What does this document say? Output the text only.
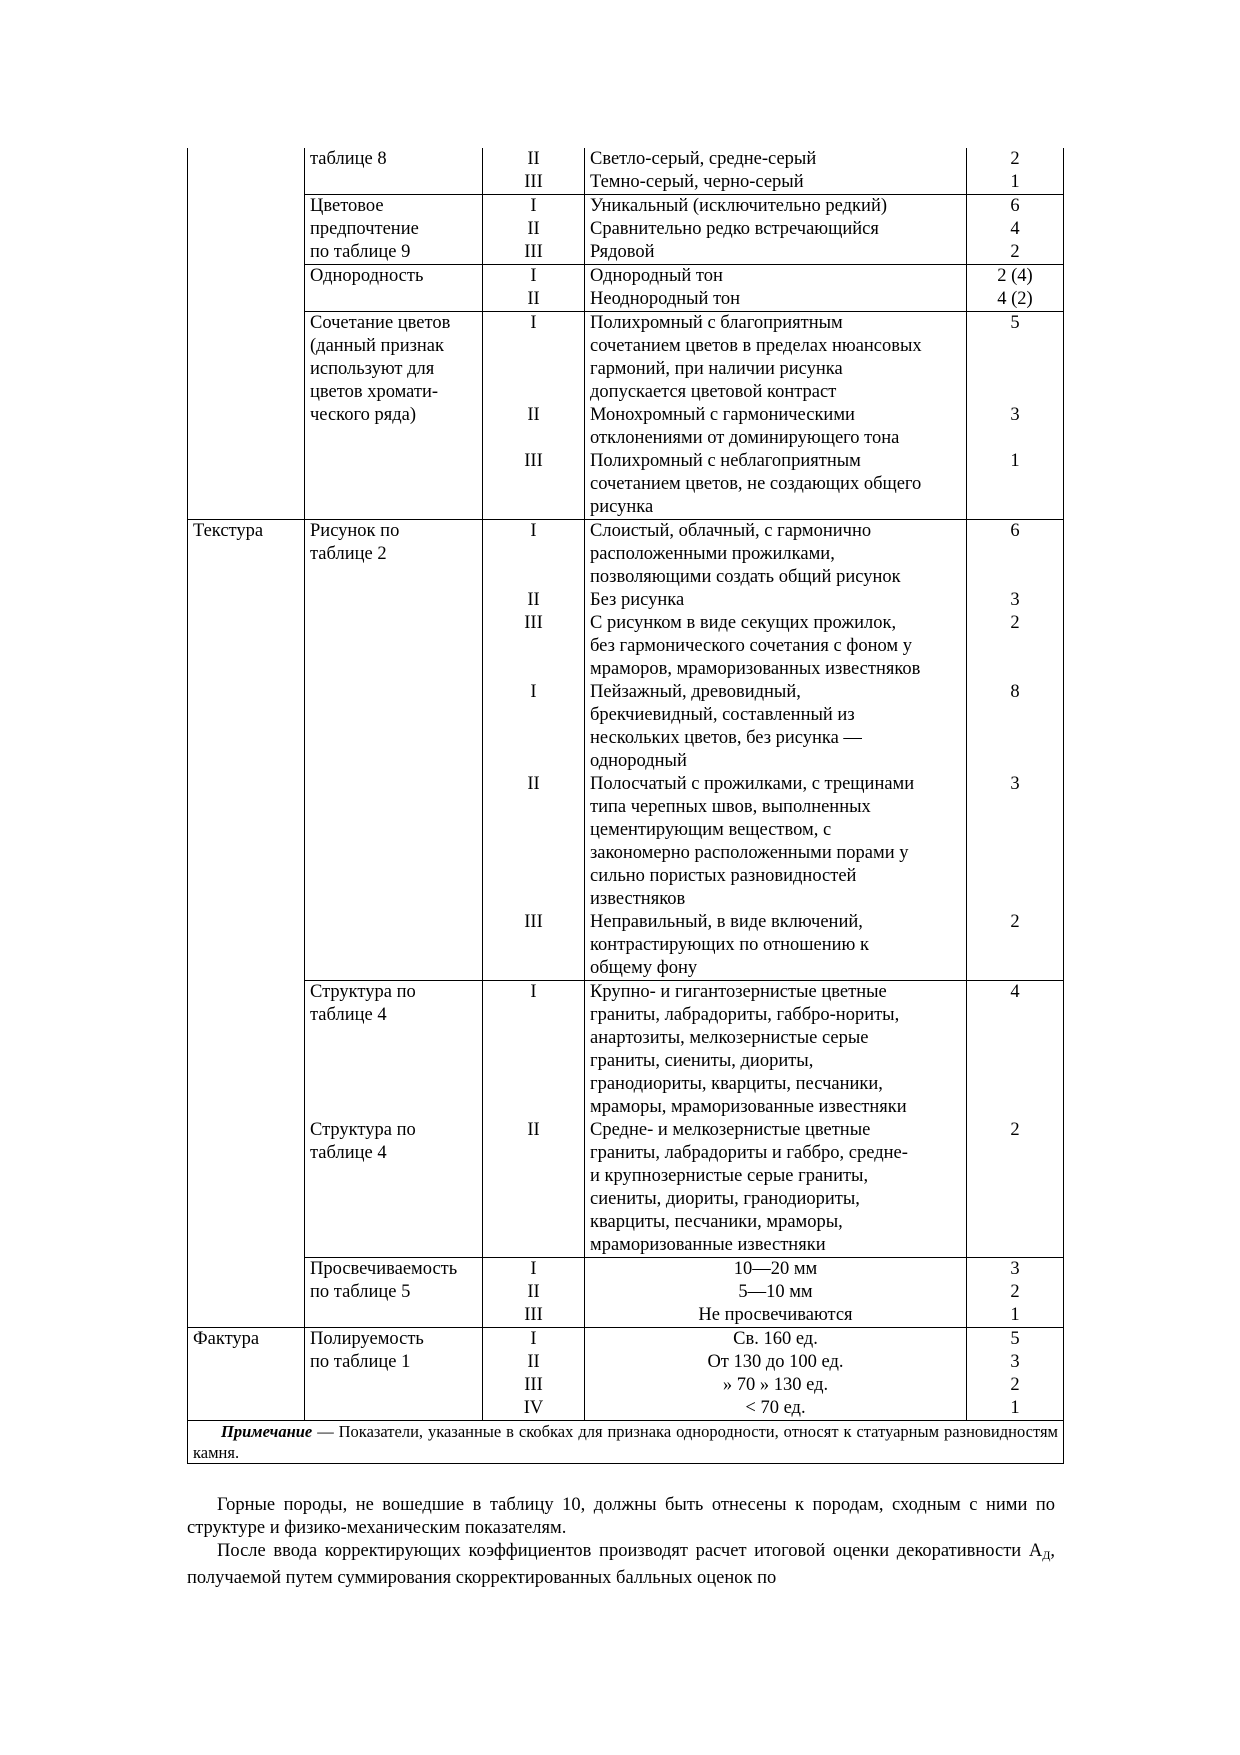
	таблице 8	II	Светло-серый, средне-серый	2
		III	Темно-серый, черно-серый	1
	Цветовое	I	Уникальный (исключительно редкий)	6
	предпочтение	II	Сравнительно редко встречающийся	4
	по таблице 9	III	Рядовой	2
	Однородность	I	Однородный тон	2 (4)
		II	Неоднородный тон	4 (2)
	Сочетание цветов	I	Полихромный с благоприятным	5
	(данный признак		сочетанием цветов в пределах нюансовых	
	используют для		гармоний, при наличии рисунка	
	цветов хромати-		допускается цветовой контраст	
	ческого ряда)	II	Монохромный с гармоническими	3
			отклонениями от доминирующего тона	
		III	Полихромный с неблагоприятным	1
			сочетанием цветов, не создающих общего	
			рисунка	
Текстура	Рисунок по	I	Слоистый, облачный, с гармонично	6
	таблице 2		расположенными прожилками,	
			позволяющими создать общий рисунок	
		II	Без рисунка	3
		III	С рисунком в виде секущих прожилок,	2
			без гармонического сочетания с фоном у	
			мраморов, мраморизованных известняков	
		I	Пейзажный, древовидный,	8
			брекчиевидный, составленный из	
			нескольких цветов, без рисунка —	
			однородный	
		II	Полосчатый с прожилками, с трещинами	3
			типа черепных швов, выполненных	
			цементирующим веществом, с	
			закономерно расположенными порами у	
			сильно пористых разновидностей	
			известняков	
		III	Неправильный, в виде включений,	2
			контрастирующих по отношению к	
			общему фону	
	Структура по	I	Крупно- и гигантозернистые цветные	4
	таблице 4		граниты, лабрадориты, габбро-нориты,	
			анартозиты, мелкозернистые серые	
			граниты, сиениты, диориты,	
			гранодиориты, кварциты, песчаники,	
			мраморы, мраморизованные известняки	
	Структура по	II	Средне- и мелкозернистые цветные	2
	таблице 4		граниты, лабрадориты и габбро, средне-	
			и крупнозернистые серые граниты,	
			сиениты, диориты, гранодиориты,	
			кварциты, песчаники, мраморы,	
			мраморизованные известняки	
	Просвечиваемость	I	10—20 мм	3
	по таблице 5	II	5—10 мм	2
		III	Не просвечиваются	1
Фактура	Полируемость	I	Св. 160 ед.	5
	по таблице 1	II	От 130 до 100 ед.	3
		III	» 70 » 130 ед.	2
		IV	< 70 ед.	1
Примечание — Показатели, указанные в скобках для признака однородности, относят к статуарным разновидностям камня.				

Горные породы, не вошедшие в таблицу 10, должны быть отнесены к породам, сходным с ними по структуре и физико-механическим показателям.

После ввода корректирующих коэффициентов производят расчет итоговой оценки декоративности $А_Д$, получаемой путем суммирования скорректированных балльных оценок по
